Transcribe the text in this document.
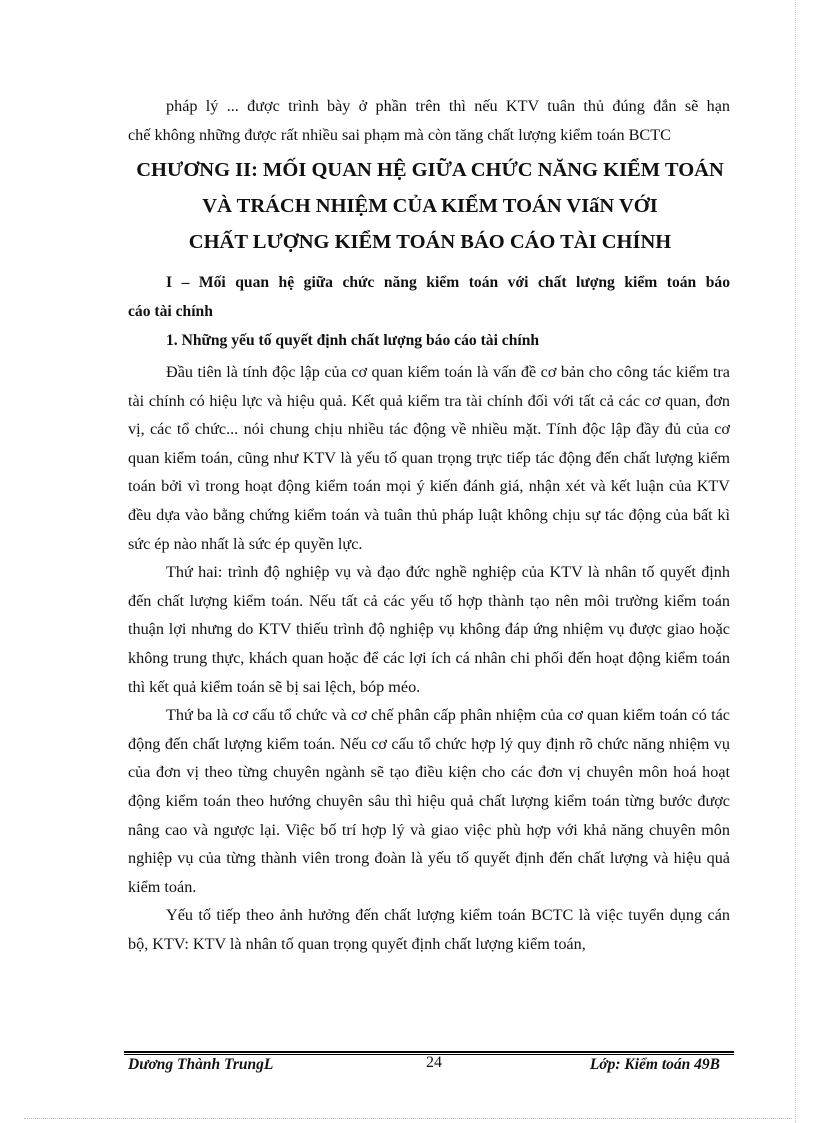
pháp lý ... được trình bày ở phần trên thì nếu KTV tuân thủ đúng đắn sẽ hạn
chế không những được rất nhiều sai phạm mà còn tăng chất lượng kiểm toán BCTC
CHƯƠNG II: MỐI QUAN HỆ GIỮA CHỨC NĂNG KIỂM TOÁN
VÀ TRÁCH NHIỆM CỦA KIỂM TOÁN VIấN VỚI
CHẤT LƯỢNG KIỂM TOÁN BÁO CÁO TÀI CHÍNH
I – Mối quan hệ giữa chức năng kiểm toán với chất lượng kiểm toán báo
cáo tài chính
1. Những yếu tố quyết định chất lượng báo cáo tài chính

Đầu tiên là tính độc lập của cơ quan kiểm toán là vấn đề cơ bản cho công tác kiểm tra tài chính có hiệu lực và hiệu quả. Kết quả kiểm tra tài chính đối với tất cả các cơ quan, đơn vị, các tổ chức... nói chung chịu nhiều tác động về nhiều mặt. Tính độc lập đầy đủ của cơ quan kiểm toán, cũng như KTV là yếu tố quan trọng trực tiếp tác động đến chất lượng kiểm toán bởi vì trong hoạt động kiểm toán mọi ý kiến đánh giá, nhận xét và kết luận của KTV đều dựa vào bằng chứng kiểm toán và tuân thủ pháp luật không chịu sự tác động của bất kì sức ép nào nhất là sức ép quyền lực.

Thứ hai: trình độ nghiệp vụ và đạo đức nghề nghiệp của KTV là nhân tố quyết định đến chất lượng kiểm toán. Nếu tất cả các yếu tố hợp thành tạo nên môi trường kiểm toán thuận lợi nhưng do KTV thiếu trình độ nghiệp vụ không đáp ứng nhiệm vụ được giao hoặc không trung thực, khách quan hoặc để các lợi ích cá nhân chi phối đến hoạt động kiểm toán thì kết quả kiểm toán sẽ bị sai lệch, bóp méo.

Thứ ba là cơ cấu tổ chức và cơ chế phân cấp phân nhiệm của cơ quan kiểm toán có tác động đến chất lượng kiểm toán. Nếu cơ cấu tổ chức hợp lý quy định rõ chức năng nhiệm vụ của đơn vị theo từng chuyên ngành sẽ tạo điều kiện cho các đơn vị chuyên môn hoá hoạt động kiểm toán theo hướng chuyên sâu thì hiệu quả chất lượng kiểm toán từng bước được nâng cao và ngược lại. Việc bố trí hợp lý và giao việc phù hợp với khả năng chuyên môn nghiệp vụ của từng thành viên trong đoàn là yếu tố quyết định đến chất lượng và hiệu quả kiểm toán.

Yếu tố tiếp theo ảnh hưởng đến chất lượng kiểm toán BCTC là việc tuyển dụng cán bộ, KTV: KTV là nhân tố quan trọng quyết định chất lượng kiểm toán,

Dương Thành TrungL	24	Lớp: Kiểm toán 49B
